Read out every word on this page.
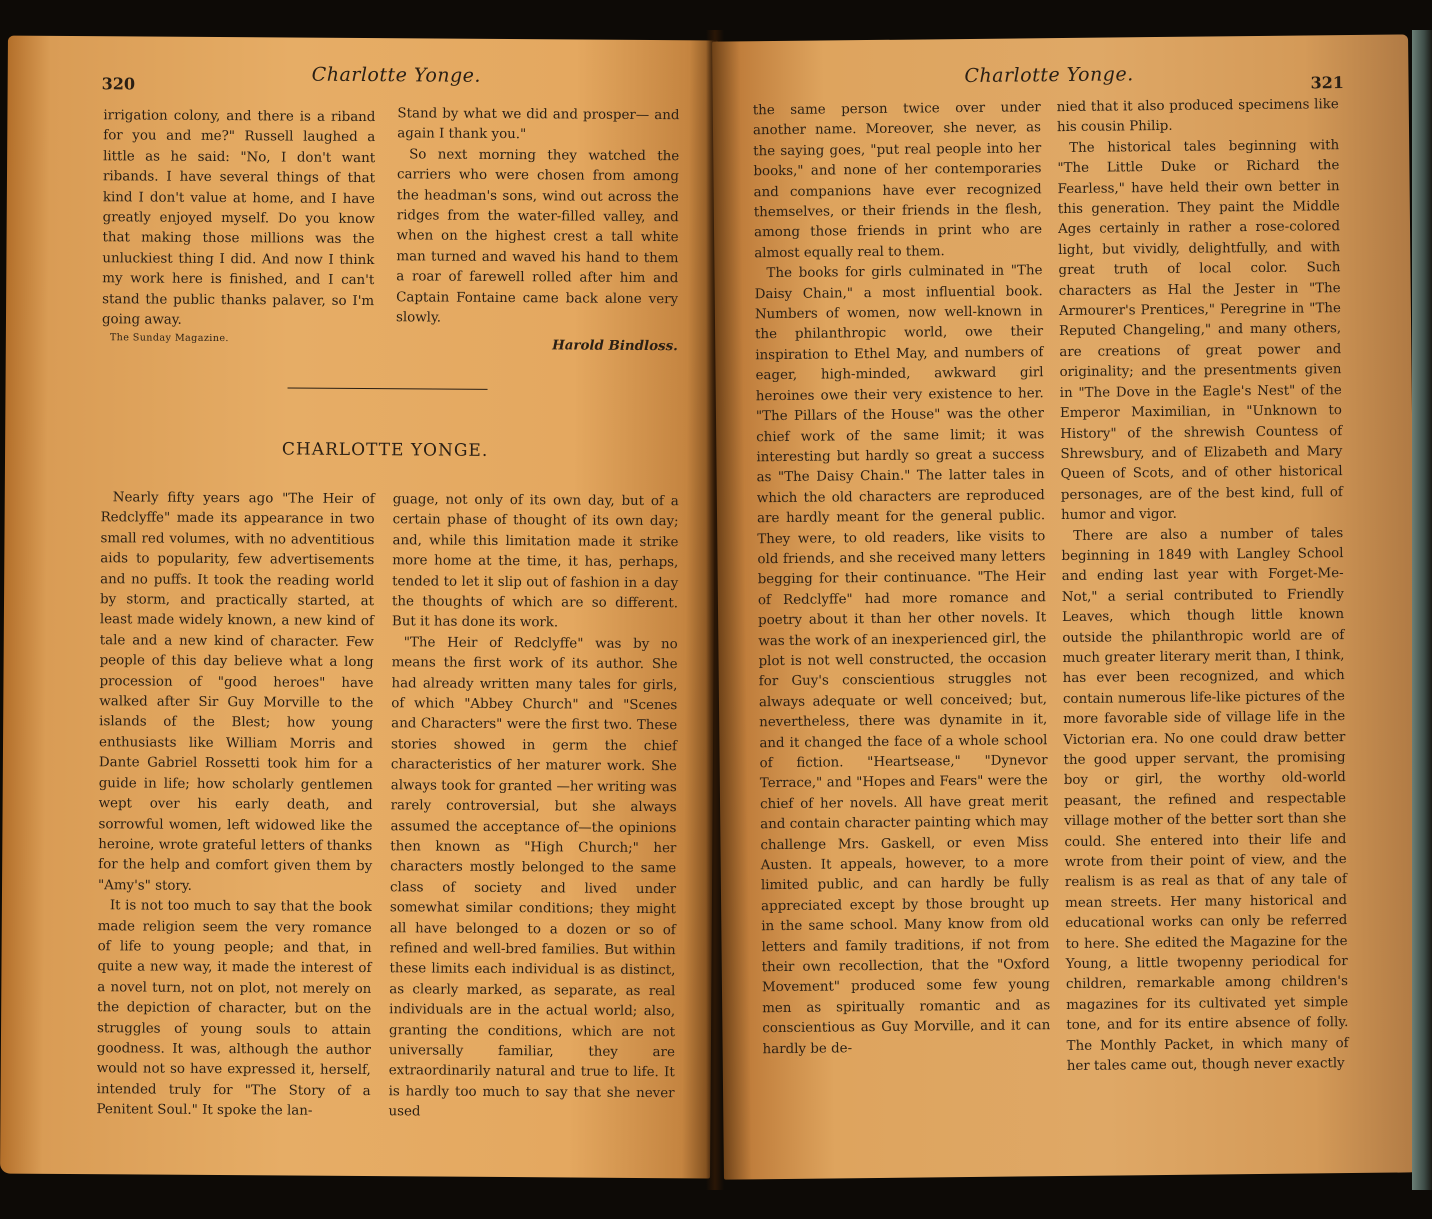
320	Charlotte Yonge.

irrigation colony, and there is a riband for you and me?" Russell laughed a little as he said: "No, I don't want ribands. I have several things of that kind I don't value at home, and I have greatly enjoyed myself. Do you know that making those millions was the unluckiest thing I did. And now I think my work here is finished, and I can't stand the public thanks palaver, so I'm going away.

The Sunday Magazine.

Stand by what we did and prosper— and again I thank you."

So next morning they watched the carriers who were chosen from among the headman's sons, wind out across the ridges from the water-filled valley, and when on the highest crest a tall white man turned and waved his hand to them a roar of farewell rolled after him and Captain Fontaine came back alone very slowly.

Harold Bindloss.
CHARLOTTE YONGE.

Nearly fifty years ago "The Heir of Redclyffe" made its appearance in two small red volumes, with no adventitious aids to popularity, few advertisements and no puffs. It took the reading world by storm, and practically started, at least made widely known, a new kind of tale and a new kind of character. Few people of this day believe what a long procession of "good heroes" have walked after Sir Guy Morville to the islands of the Blest; how young enthusiasts like William Morris and Dante Gabriel Rossetti took him for a guide in life; how scholarly gentlemen wept over his early death, and sorrowful women, left widowed like the heroine, wrote grateful letters of thanks for the help and comfort given them by "Amy's" story.

It is not too much to say that the book made religion seem the very romance of life to young people; and that, in quite a new way, it made the interest of a novel turn, not on plot, not merely on the depiction of character, but on the struggles of young souls to attain goodness. It was, although the author would not so have expressed it, herself, intended truly for "The Story of a Penitent Soul." It spoke the lan-

guage, not only of its own day, but of a certain phase of thought of its own day; and, while this limitation made it strike more home at the time, it has, perhaps, tended to let it slip out of fashion in a day the thoughts of which are so different. But it has done its work.

"The Heir of Redclyffe" was by no means the first work of its author. She had already written many tales for girls, of which "Abbey Church" and "Scenes and Characters" were the first two. These stories showed in germ the chief characteristics of her maturer work. She always took for granted —her writing was rarely controversial, but she always assumed the acceptance of—the opinions then known as "High Church;" her characters mostly belonged to the same class of society and lived under somewhat similar conditions; they might all have belonged to a dozen or so of refined and well-bred families. But within these limits each individual is as distinct, as clearly marked, as separate, as real individuals are in the actual world; also, granting the conditions, which are not universally familiar, they are extraordinarily natural and true to life. It is hardly too much to say that she never used

Charlotte Yonge.	321

the same person twice over under another name. Moreover, she never, as the saying goes, "put real people into her books," and none of her contemporaries and companions have ever recognized themselves, or their friends in the flesh, among those friends in print who are almost equally real to them.

The books for girls culminated in "The Daisy Chain," a most influential book. Numbers of women, now well-known in the philanthropic world, owe their inspiration to Ethel May, and numbers of eager, high-minded, awkward girl heroines owe their very existence to her. "The Pillars of the House" was the other chief work of the same limit; it was interesting but hardly so great a success as "The Daisy Chain." The latter tales in which the old characters are reproduced are hardly meant for the general public. They were, to old readers, like visits to old friends, and she received many letters begging for their continuance. "The Heir of Redclyffe" had more romance and poetry about it than her other novels. It was the work of an inexperienced girl, the plot is not well constructed, the occasion for Guy's conscientious struggles not always adequate or well conceived; but, nevertheless, there was dynamite in it, and it changed the face of a whole school of fiction. "Heartsease," "Dynevor Terrace," and "Hopes and Fears" were the chief of her novels. All have great merit and contain character painting which may challenge Mrs. Gaskell, or even Miss Austen. It appeals, however, to a more limited public, and can hardly be fully appreciated except by those brought up in the same school. Many know from old letters and family traditions, if not from their own recollection, that the "Oxford Movement" produced some few young men as spiritually romantic and as conscientious as Guy Morville, and it can hardly be de-

nied that it also produced specimens like his cousin Philip.

The historical tales beginning with "The Little Duke or Richard the Fearless," have held their own better in this generation. They paint the Middle Ages certainly in rather a rose-colored light, but vividly, delightfully, and with great truth of local color. Such characters as Hal the Jester in "The Armourer's Prentices," Peregrine in "The Reputed Changeling," and many others, are creations of great power and originality; and the presentments given in "The Dove in the Eagle's Nest" of the Emperor Maximilian, in "Unknown to History" of the shrewish Countess of Shrewsbury, and of Elizabeth and Mary Queen of Scots, and of other historical personages, are of the best kind, full of humor and vigor.

There are also a number of tales beginning in 1849 with Langley School and ending last year with Forget-Me-Not," a serial contributed to Friendly Leaves, which though little known outside the philanthropic world are of much greater literary merit than, I think, has ever been recognized, and which contain numerous life-like pictures of the more favorable side of village life in the Victorian era. No one could draw better the good upper servant, the promising boy or girl, the worthy old-world peasant, the refined and respectable village mother of the better sort than she could. She entered into their life and wrote from their point of view, and the realism is as real as that of any tale of mean streets. Her many historical and educational works can only be referred to here. She edited the Magazine for the Young, a little twopenny periodical for children, remarkable among children's magazines for its cultivated yet simple tone, and for its entire absence of folly. The Monthly Packet, in which many of her tales came out, though never exactly
